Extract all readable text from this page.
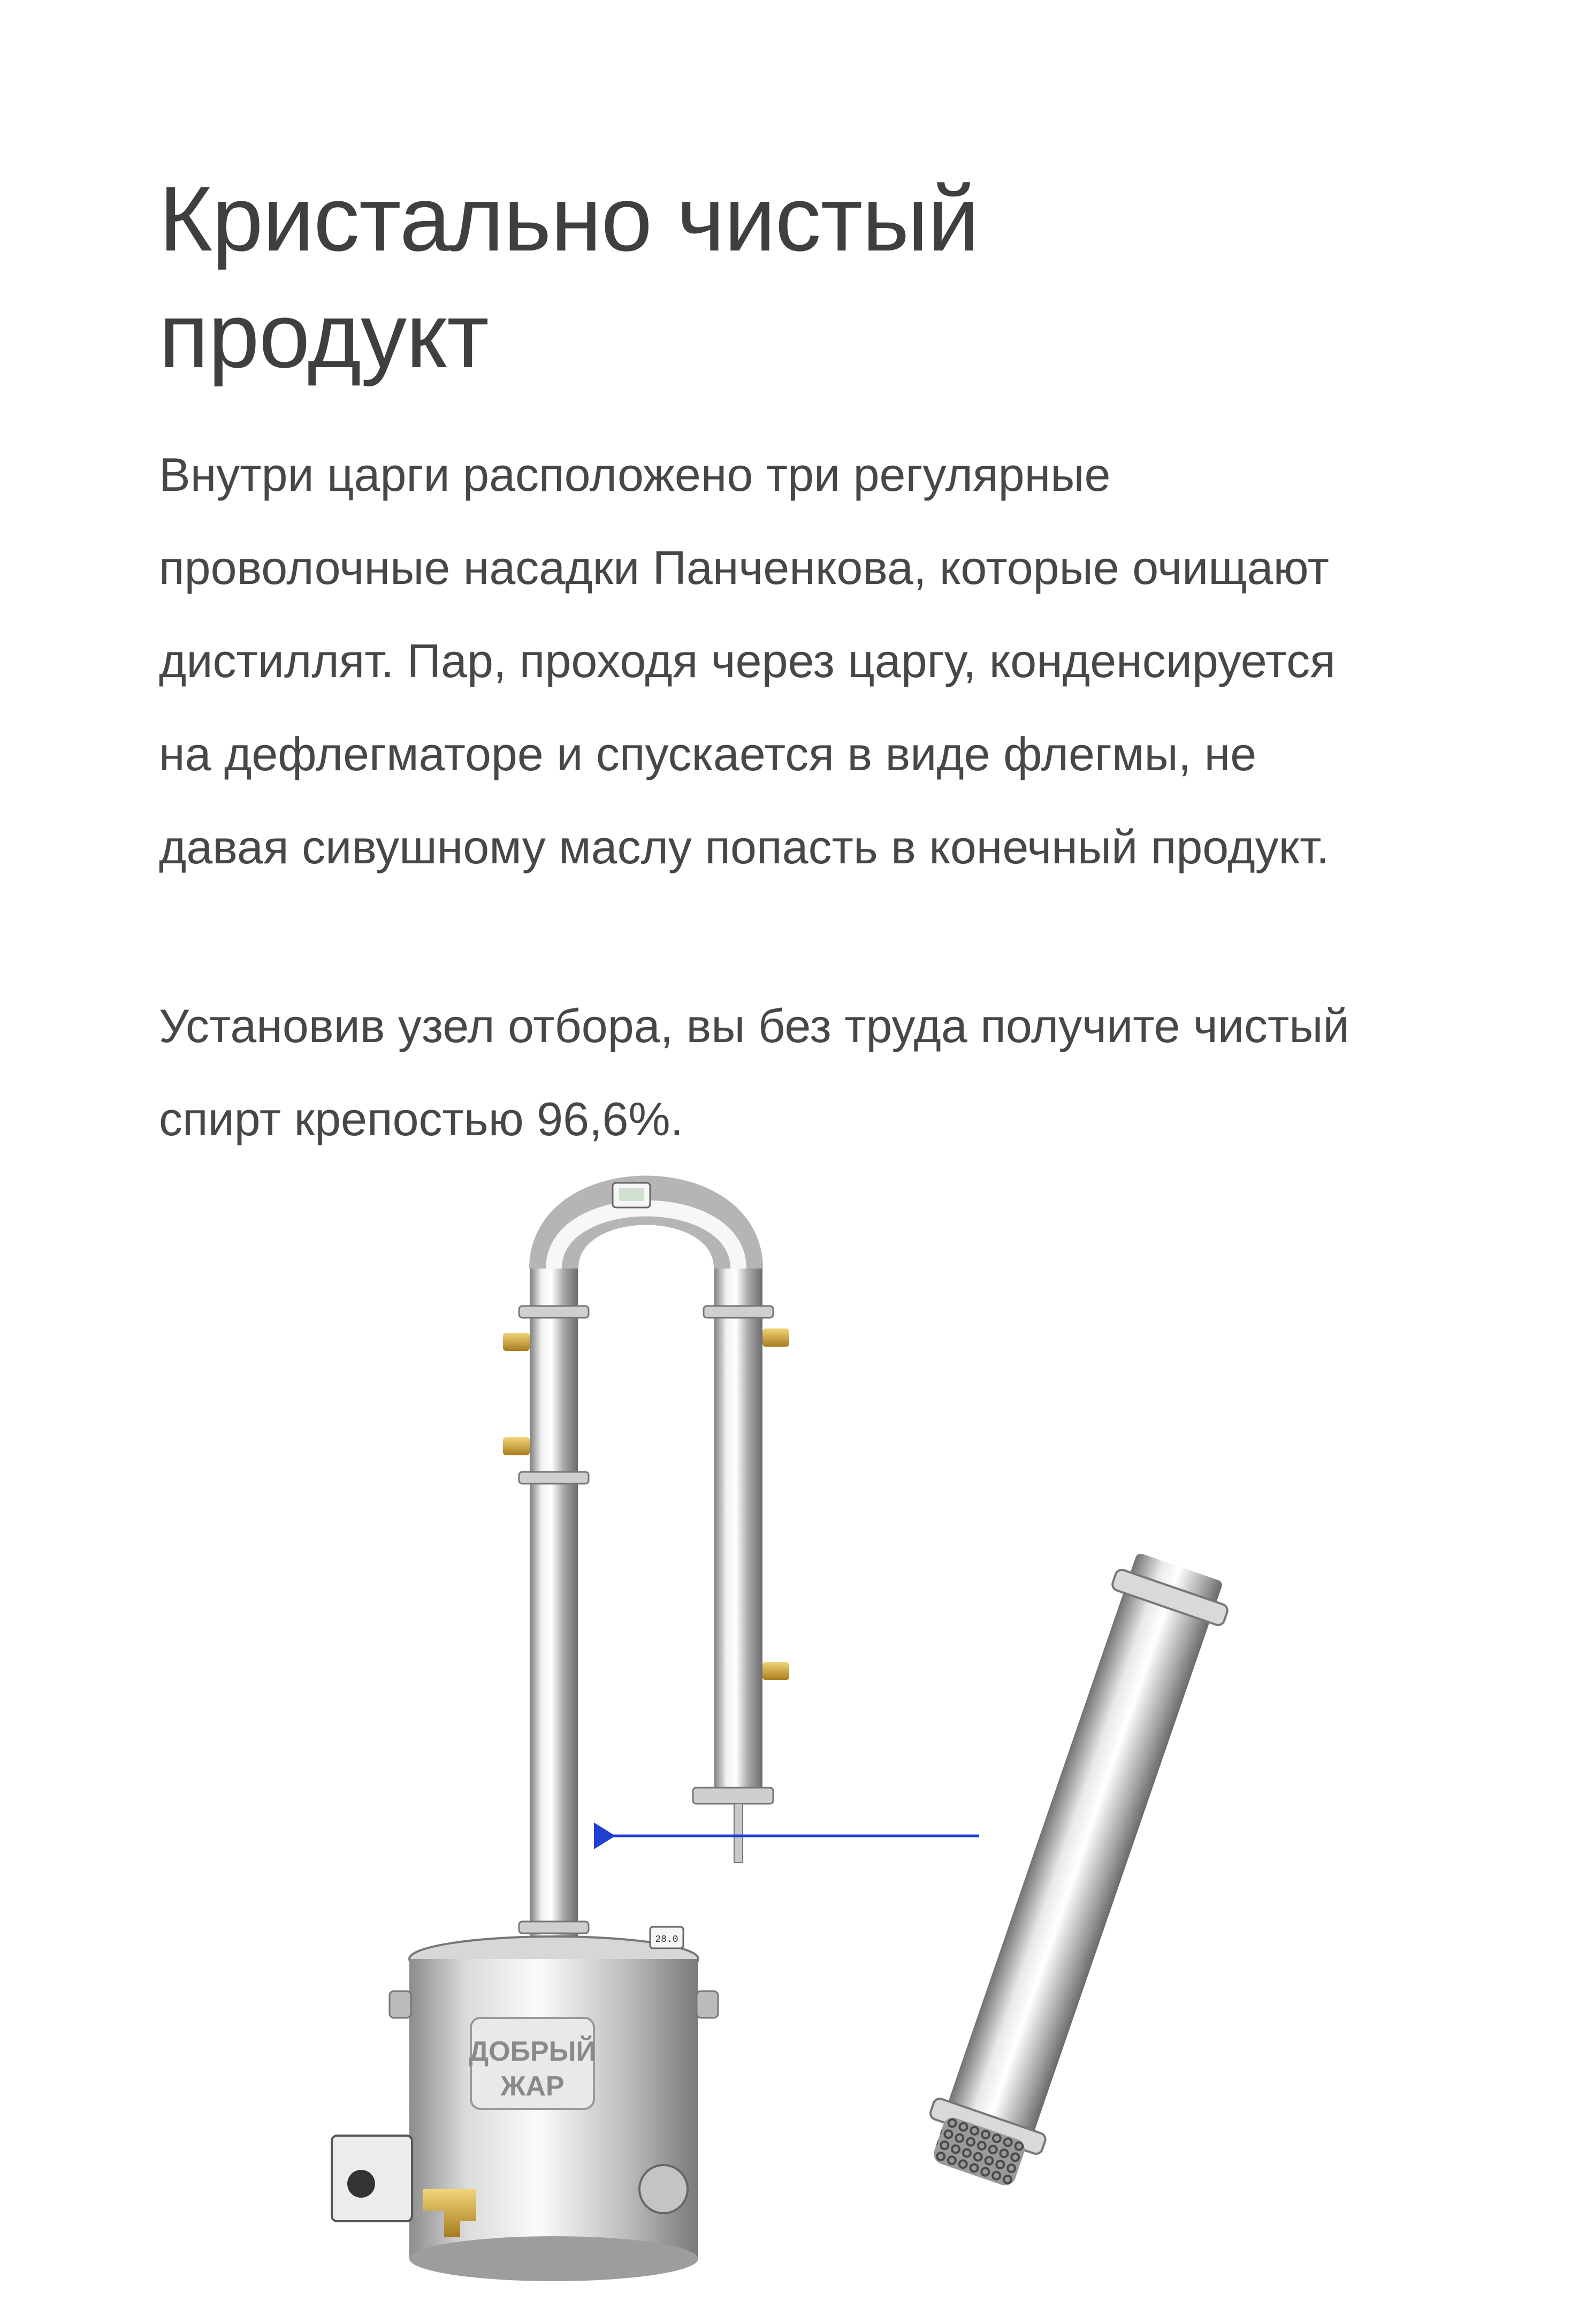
Кристально чистый
продукт

Внутри царги расположено три регулярные
проволочные насадки Панченкова, которые очищают
дистиллят. Пар, проходя через царгу, конденсируется
на дефлегматоре и спускается в виде флегмы, не
давая сивушному маслу попасть в конечный продукт.

Установив узел отбора, вы без труда получите чистый
спирт крепостью 96,6%.

ДОБРЫЙ
ЖАР
28.0
